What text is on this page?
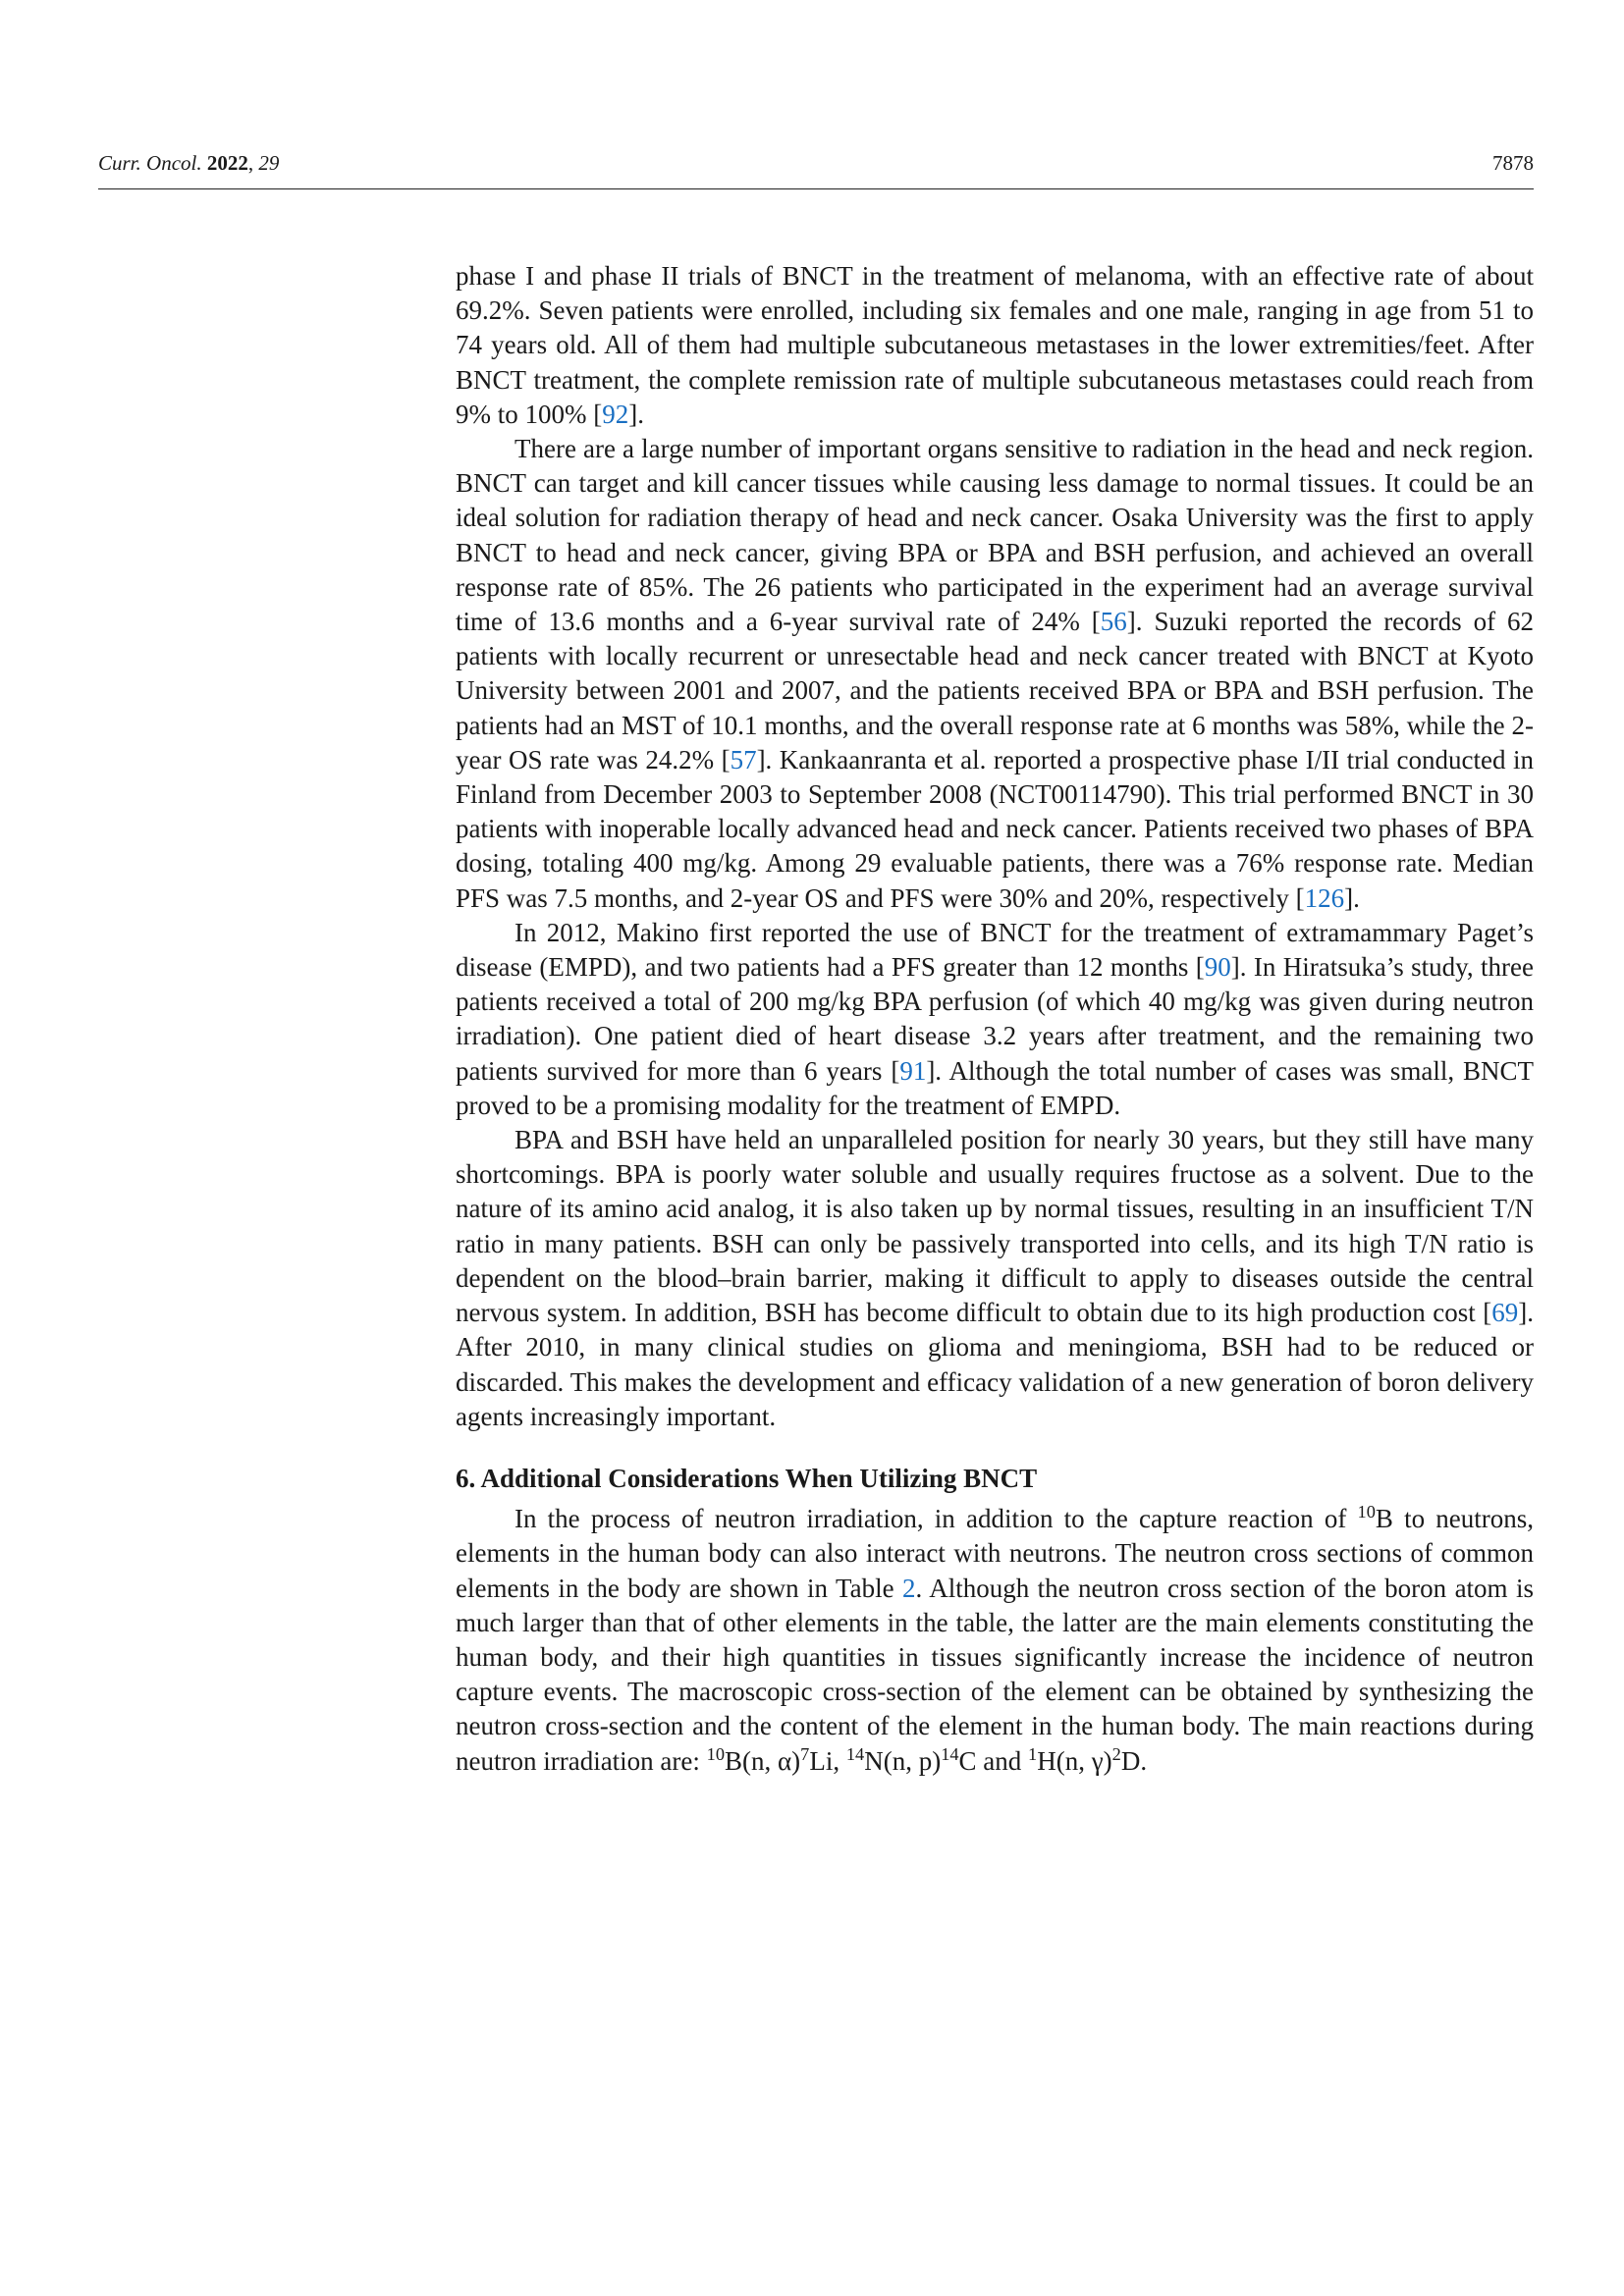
Curr. Oncol. 2022, 29	7878

phase I and phase II trials of BNCT in the treatment of melanoma, with an effective rate of about 69.2%. Seven patients were enrolled, including six females and one male, ranging in age from 51 to 74 years old. All of them had multiple subcutaneous metastases in the lower extremities/feet. After BNCT treatment, the complete remission rate of multiple subcutaneous metastases could reach from 9% to 100% [92].

There are a large number of important organs sensitive to radiation in the head and neck region. BNCT can target and kill cancer tissues while causing less damage to normal tissues. It could be an ideal solution for radiation therapy of head and neck cancer. Osaka University was the first to apply BNCT to head and neck cancer, giving BPA or BPA and BSH perfusion, and achieved an overall response rate of 85%. The 26 patients who participated in the experiment had an average survival time of 13.6 months and a 6-year survival rate of 24% [56]. Suzuki reported the records of 62 patients with locally recurrent or unresectable head and neck cancer treated with BNCT at Kyoto University between 2001 and 2007, and the patients received BPA or BPA and BSH perfusion. The patients had an MST of 10.1 months, and the overall response rate at 6 months was 58%, while the 2-year OS rate was 24.2% [57]. Kankaanranta et al. reported a prospective phase I/II trial conducted in Finland from December 2003 to September 2008 (NCT00114790). This trial performed BNCT in 30 patients with inoperable locally advanced head and neck cancer. Patients received two phases of BPA dosing, totaling 400 mg/kg. Among 29 evaluable patients, there was a 76% response rate. Median PFS was 7.5 months, and 2-year OS and PFS were 30% and 20%, respectively [126].

In 2012, Makino first reported the use of BNCT for the treatment of extramammary Paget’s disease (EMPD), and two patients had a PFS greater than 12 months [90]. In Hiratsuka’s study, three patients received a total of 200 mg/kg BPA perfusion (of which 40 mg/kg was given during neutron irradiation). One patient died of heart disease 3.2 years after treatment, and the remaining two patients survived for more than 6 years [91]. Although the total number of cases was small, BNCT proved to be a promising modality for the treatment of EMPD.

BPA and BSH have held an unparalleled position for nearly 30 years, but they still have many shortcomings. BPA is poorly water soluble and usually requires fructose as a solvent. Due to the nature of its amino acid analog, it is also taken up by normal tissues, resulting in an insufficient T/N ratio in many patients. BSH can only be passively transported into cells, and its high T/N ratio is dependent on the blood–brain barrier, making it difficult to apply to diseases outside the central nervous system. In addition, BSH has become difficult to obtain due to its high production cost [69]. After 2010, in many clinical studies on glioma and meningioma, BSH had to be reduced or discarded. This makes the development and efficacy validation of a new generation of boron delivery agents increasingly important.

6. Additional Considerations When Utilizing BNCT

In the process of neutron irradiation, in addition to the capture reaction of $^{10}$B to neutrons, elements in the human body can also interact with neutrons. The neutron cross sections of common elements in the body are shown in Table 2. Although the neutron cross section of the boron atom is much larger than that of other elements in the table, the latter are the main elements constituting the human body, and their high quantities in tissues significantly increase the incidence of neutron capture events. The macroscopic cross-section of the element can be obtained by synthesizing the neutron cross-section and the content of the element in the human body. The main reactions during neutron irradiation are: $^{10}$B(n, α)$^7$Li, $^{14}$N(n, p)$^{14}$C and $^1$H(n, γ)$^2$D.
